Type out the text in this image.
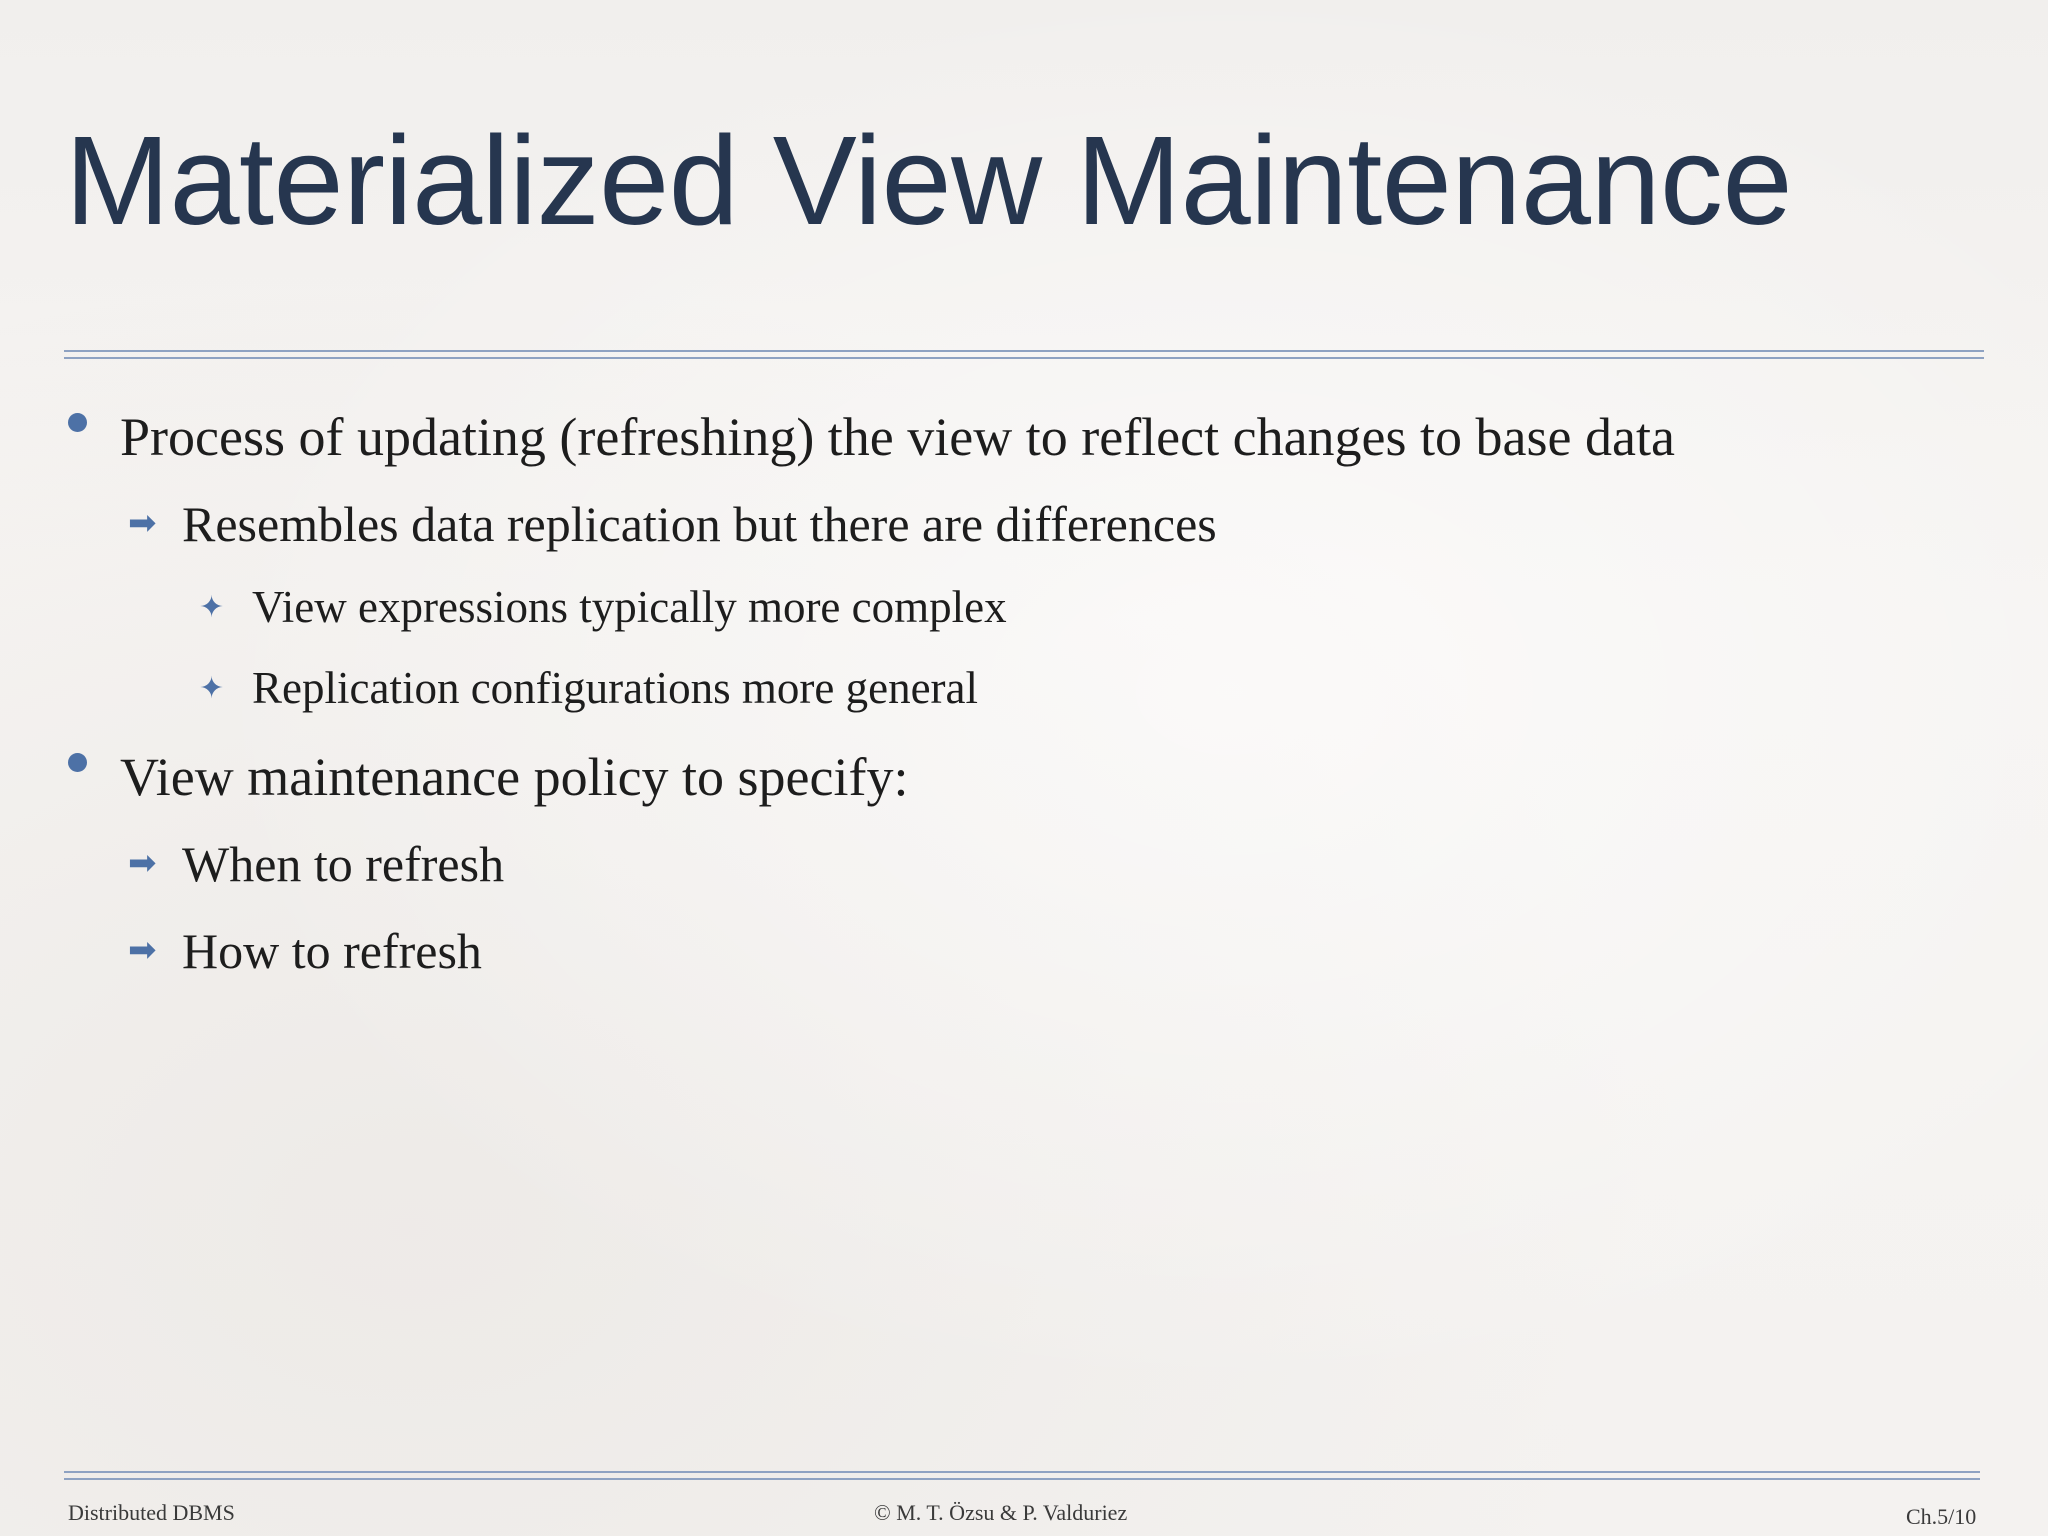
Materialized View Maintenance
Process of updating (refreshing) the view to reflect changes to base data
➡ Resembles data replication but there are differences
✦ View expressions typically more complex
✦ Replication configurations more general
View maintenance policy to specify:
➡ When to refresh
➡ How to refresh
Distributed DBMS	© M. T. Özsu & P. Valduriez	Ch.5/10
